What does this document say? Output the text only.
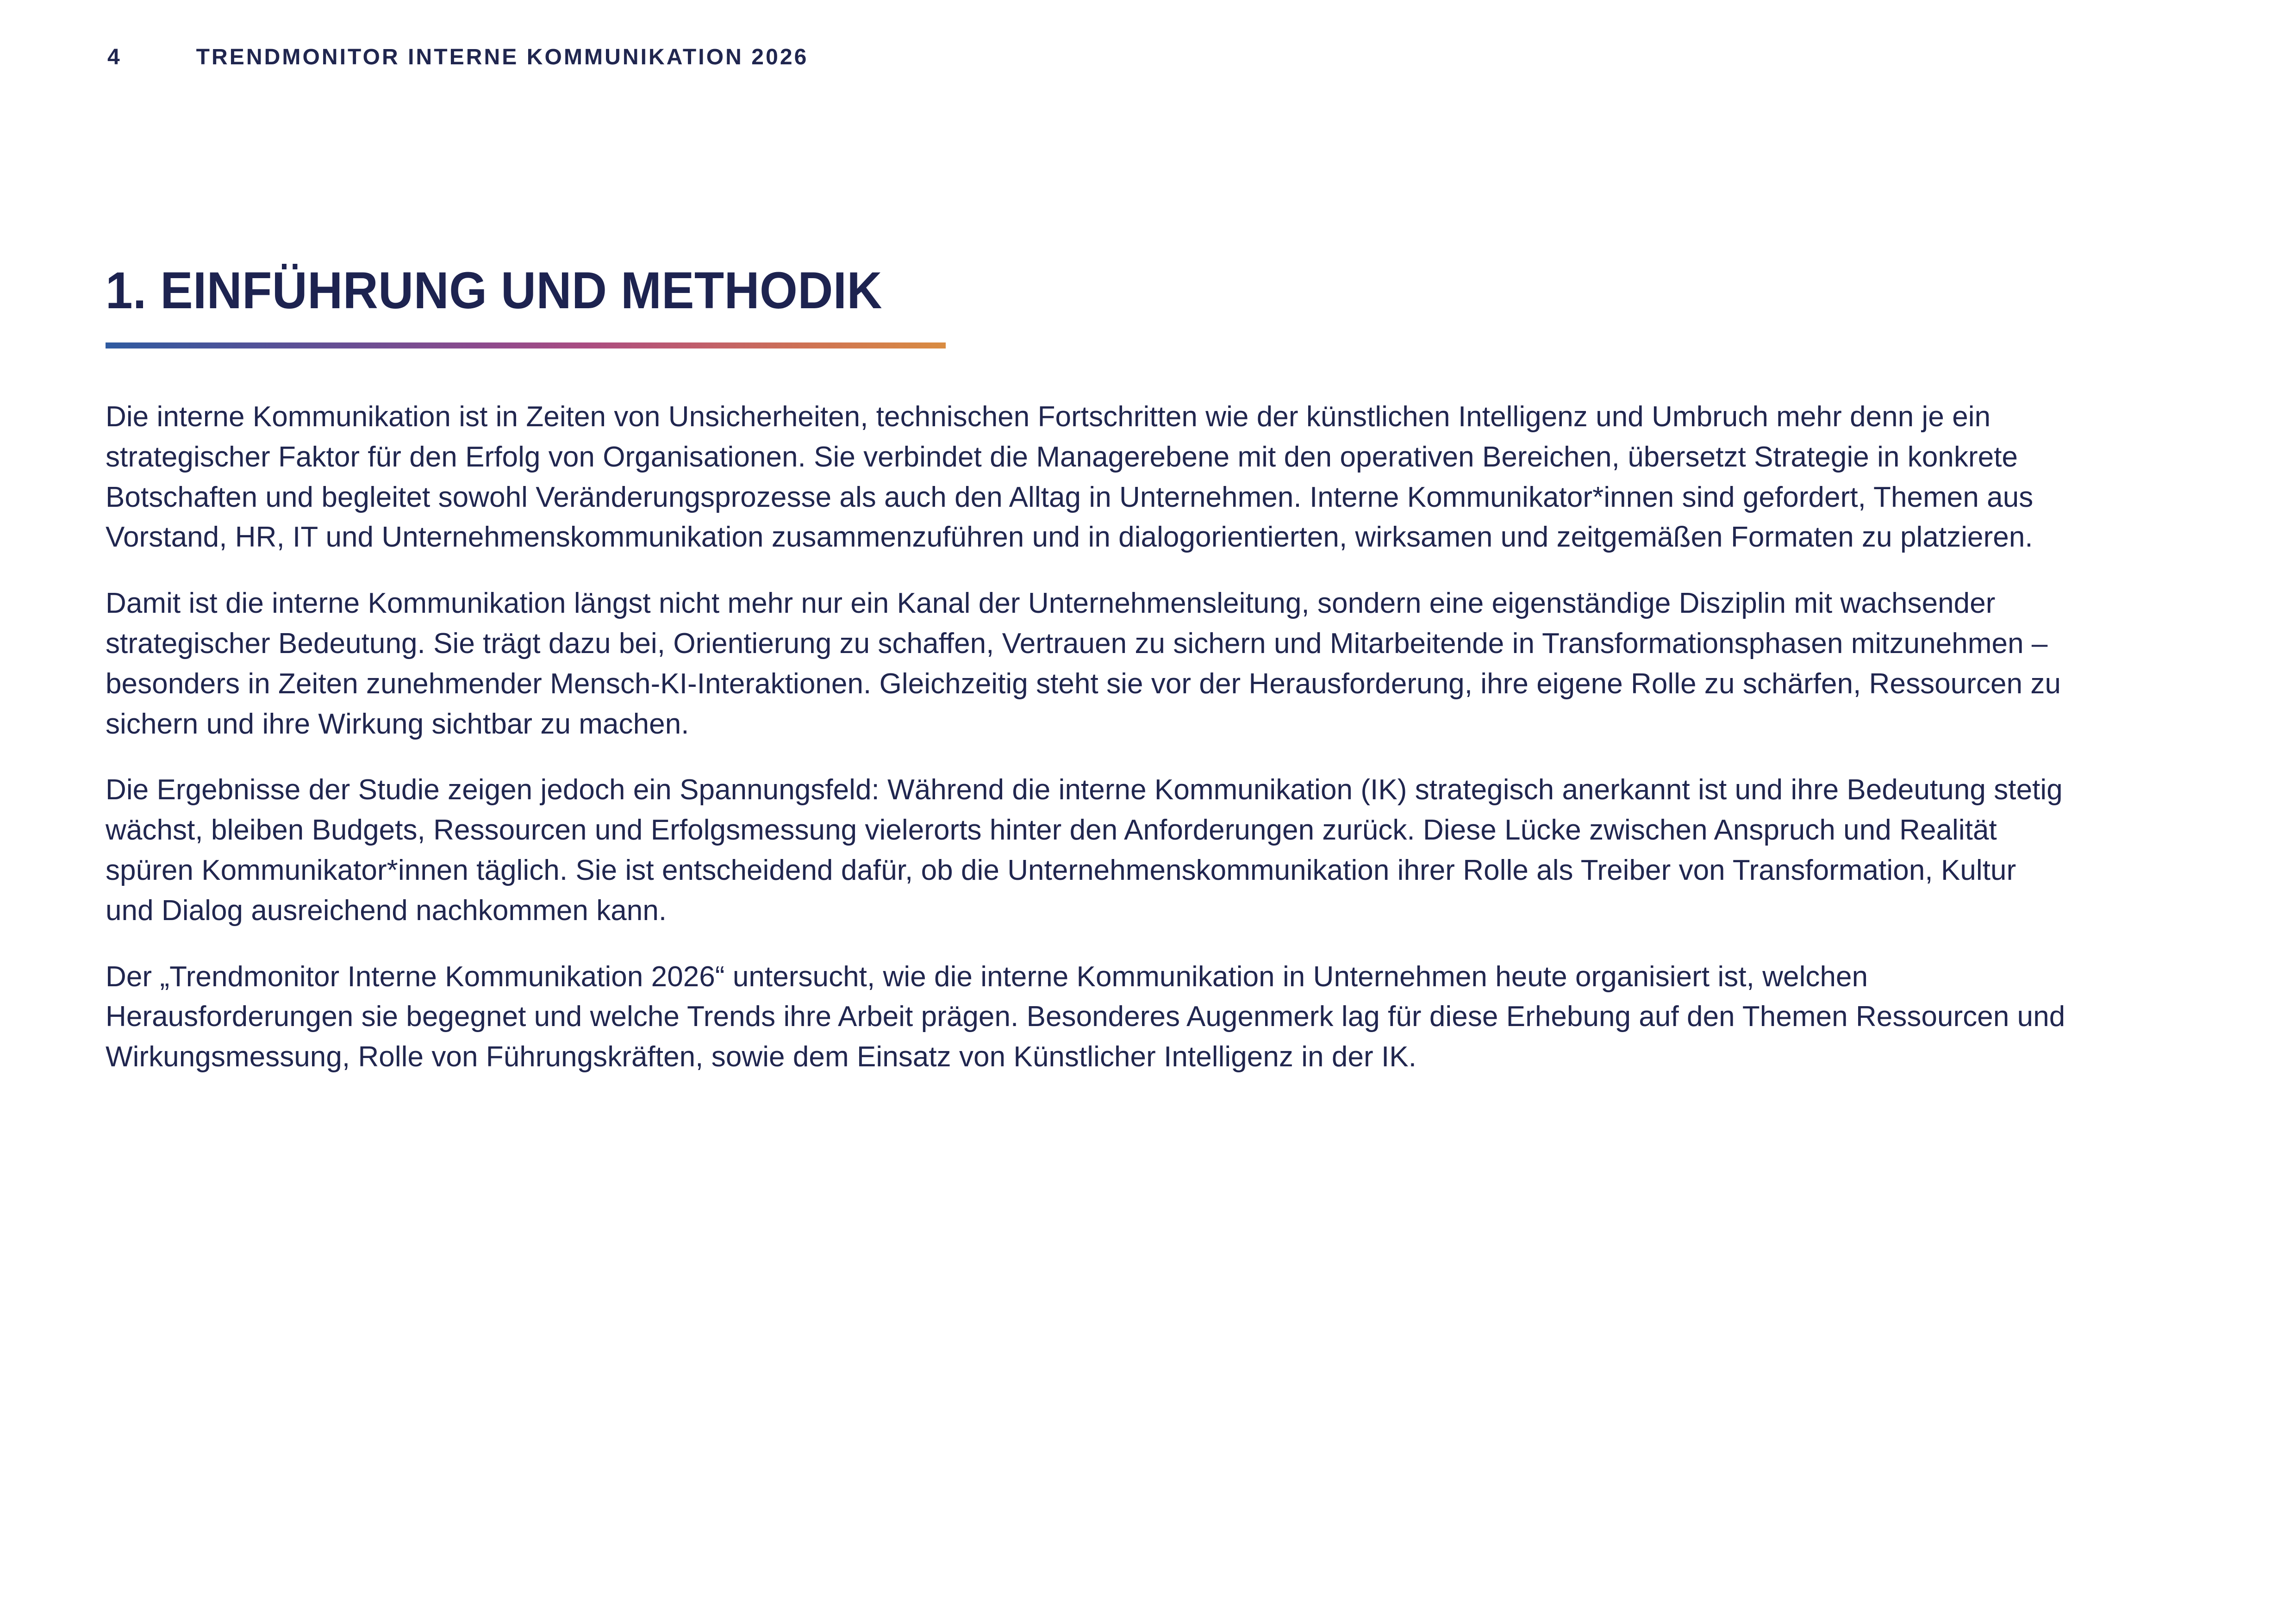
4	TRENDMONITOR INTERNE KOMMUNIKATION 2026
1. EINFÜHRUNG UND METHODIK

Die interne Kommunikation ist in Zeiten von Unsicherheiten, technischen Fortschritten wie der künstlichen Intelligenz und Umbruch mehr denn je ein strategischer Faktor für den Erfolg von Organisationen. Sie verbindet die Managerebene mit den operativen Bereichen, übersetzt Strategie in konkrete Botschaften und begleitet sowohl Veränderungsprozesse als auch den Alltag in Unternehmen. Interne Kommunikator*innen sind gefordert, Themen aus Vorstand, HR, IT und Unternehmenskommunikation zusammenzuführen und in dialogorientierten, wirksamen und zeitgemäßen Formaten zu platzieren.

Damit ist die interne Kommunikation längst nicht mehr nur ein Kanal der Unternehmensleitung, sondern eine eigenständige Disziplin mit wachsender strategischer Bedeutung. Sie trägt dazu bei, Orientierung zu schaffen, Vertrauen zu sichern und Mitarbeitende in Transformationsphasen mitzunehmen – besonders in Zeiten zunehmender Mensch-KI-Interaktionen. Gleichzeitig steht sie vor der Herausforderung, ihre eigene Rolle zu schärfen, Ressourcen zu sichern und ihre Wirkung sichtbar zu machen.

Die Ergebnisse der Studie zeigen jedoch ein Spannungsfeld: Während die interne Kommunikation (IK) strategisch anerkannt ist und ihre Bedeutung stetig wächst, bleiben Budgets, Ressourcen und Erfolgsmessung vielerorts hinter den Anforderungen zurück. Diese Lücke zwischen Anspruch und Realität spüren Kommunikator*innen täglich. Sie ist entscheidend dafür, ob die Unternehmenskommunikation ihrer Rolle als Treiber von Transformation, Kultur und Dialog ausreichend nachkommen kann.

Der „Trendmonitor Interne Kommunikation 2026“ untersucht, wie die interne Kommunikation in Unternehmen heute organisiert ist, welchen Herausforderungen sie begegnet und welche Trends ihre Arbeit prägen. Besonderes Augenmerk lag für diese Erhebung auf den Themen Ressourcen und Wirkungsmessung, Rolle von Führungskräften, sowie dem Einsatz von Künstlicher Intelligenz in der IK.
